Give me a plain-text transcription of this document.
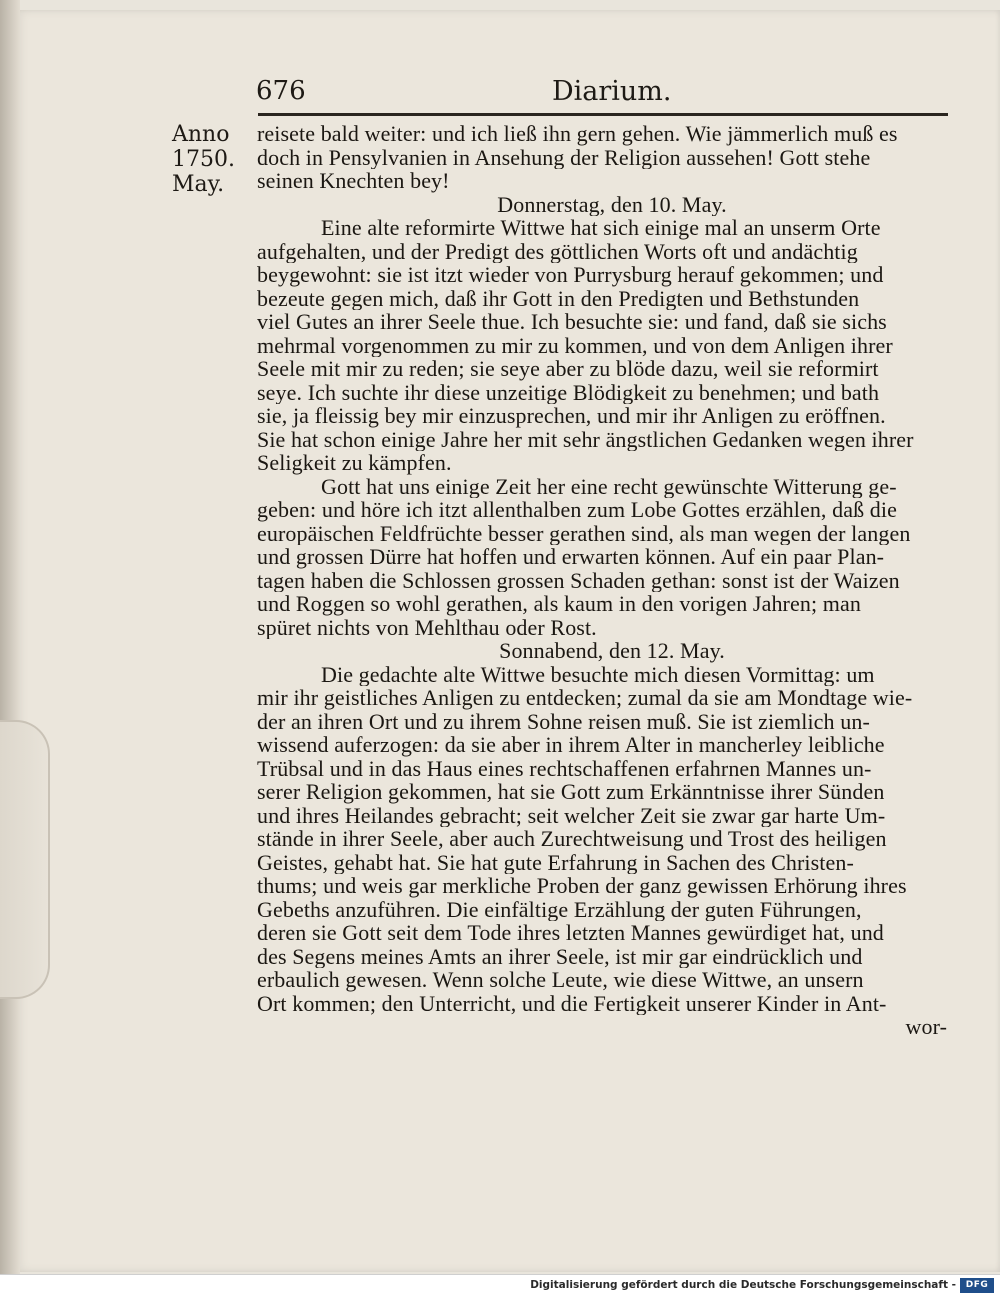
676	Diarium.
Anno
1750.
May.
reisete bald weiter: und ich ließ ihn gern gehen. Wie jämmerlich muß es
doch in Pensylvanien in Ansehung der Religion aussehen! Gott stehe
seinen Knechten bey!
Donnerstag, den 10. May.
Eine alte reformirte Wittwe hat sich einige mal an unserm Orte
aufgehalten, und der Predigt des göttlichen Worts oft und andächtig
beygewohnt: sie ist itzt wieder von Purrysburg herauf gekommen; und
bezeute gegen mich, daß ihr Gott in den Predigten und Bethstunden
viel Gutes an ihrer Seele thue. Ich besuchte sie: und fand, daß sie sichs
mehrmal vorgenommen zu mir zu kommen, und von dem Anligen ihrer
Seele mit mir zu reden; sie seye aber zu blöde dazu, weil sie reformirt
seye. Ich suchte ihr diese unzeitige Blödigkeit zu benehmen; und bath
sie, ja fleissig bey mir einzusprechen, und mir ihr Anligen zu eröffnen.
Sie hat schon einige Jahre her mit sehr ängstlichen Gedanken wegen ihrer
Seligkeit zu kämpfen.
Gott hat uns einige Zeit her eine recht gewünschte Witterung ge-
geben: und höre ich itzt allenthalben zum Lobe Gottes erzählen, daß die
europäischen Feldfrüchte besser gerathen sind, als man wegen der langen
und grossen Dürre hat hoffen und erwarten können. Auf ein paar Plan-
tagen haben die Schlossen grossen Schaden gethan: sonst ist der Waizen
und Roggen so wohl gerathen, als kaum in den vorigen Jahren; man
spüret nichts von Mehlthau oder Rost.
Sonnabend, den 12. May.
Die gedachte alte Wittwe besuchte mich diesen Vormittag: um
mir ihr geistliches Anligen zu entdecken; zumal da sie am Mondtage wie-
der an ihren Ort und zu ihrem Sohne reisen muß. Sie ist ziemlich un-
wissend auferzogen: da sie aber in ihrem Alter in mancherley leibliche
Trübsal und in das Haus eines rechtschaffenen erfahrnen Mannes un-
serer Religion gekommen, hat sie Gott zum Erkänntnisse ihrer Sünden
und ihres Heilandes gebracht; seit welcher Zeit sie zwar gar harte Um-
stände in ihrer Seele, aber auch Zurechtweisung und Trost des heiligen
Geistes, gehabt hat. Sie hat gute Erfahrung in Sachen des Christen-
thums; und weis gar merkliche Proben der ganz gewissen Erhörung ihres
Gebeths anzuführen. Die einfältige Erzählung der guten Führungen,
deren sie Gott seit dem Tode ihres letzten Mannes gewürdiget hat, und
des Segens meines Amts an ihrer Seele, ist mir gar eindrücklich und
erbaulich gewesen. Wenn solche Leute, wie diese Wittwe, an unsern
Ort kommen; den Unterricht, und die Fertigkeit unserer Kinder in Ant-
wor-
Digitalisierung gefördert durch die Deutsche Forschungsgemeinschaft -	DFG
